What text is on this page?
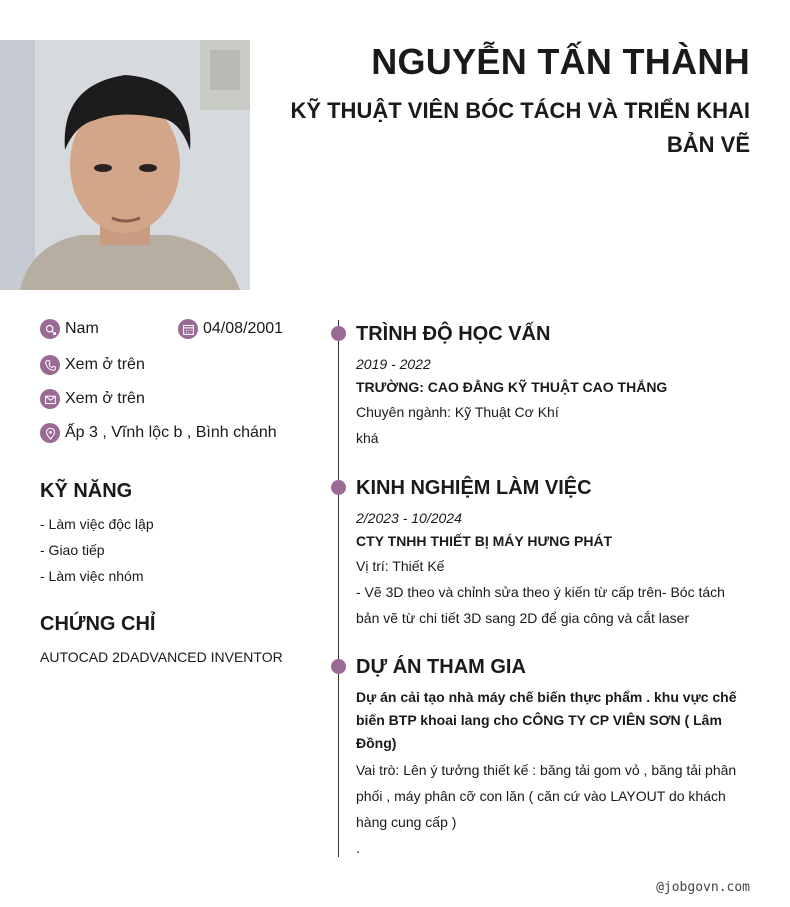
NGUYỄN TẤN THÀNH
KỸ THUẬT VIÊN BÓC TÁCH VÀ TRIỂN KHAI BẢN VẼ
Nam	04/08/2001
Xem ở trên
Xem ở trên
Ấp 3 , Vĩnh lộc b , Bình chánh
KỸ NĂNG
- Làm việc độc lập
- Giao tiếp
- Làm việc nhóm
CHỨNG CHỈ
AUTOCAD 2DADVANCED INVENTOR
TRÌNH ĐỘ HỌC VẤN
2019 - 2022
TRƯỜNG: CAO ĐẲNG KỸ THUẬT CAO THẮNG
Chuyên ngành: Kỹ Thuật Cơ Khí
khá
KINH NGHIỆM LÀM VIỆC
2/2023 - 10/2024
CTY TNHH THIẾT BỊ MÁY HƯNG PHÁT
Vị trí: Thiết Kế
- Vẽ 3D theo và chỉnh sửa theo ý kiến từ cấp trên- Bóc tách bản vẽ từ chi tiết 3D sang 2D để gia công và cắt laser
DỰ ÁN THAM GIA
Dự án cải tạo nhà máy chế biến thực phẩm . khu vực chế biến BTP khoai lang cho CÔNG TY CP VIÊN SƠN ( Lâm Đồng)
Vai trò: Lên ý tưởng thiết kế : băng tải gom vỏ , băng tải phân phối , máy phân cỡ con lăn ( căn cứ vào LAYOUT do khách hàng cung cấp )
.
@jobgovn.com
